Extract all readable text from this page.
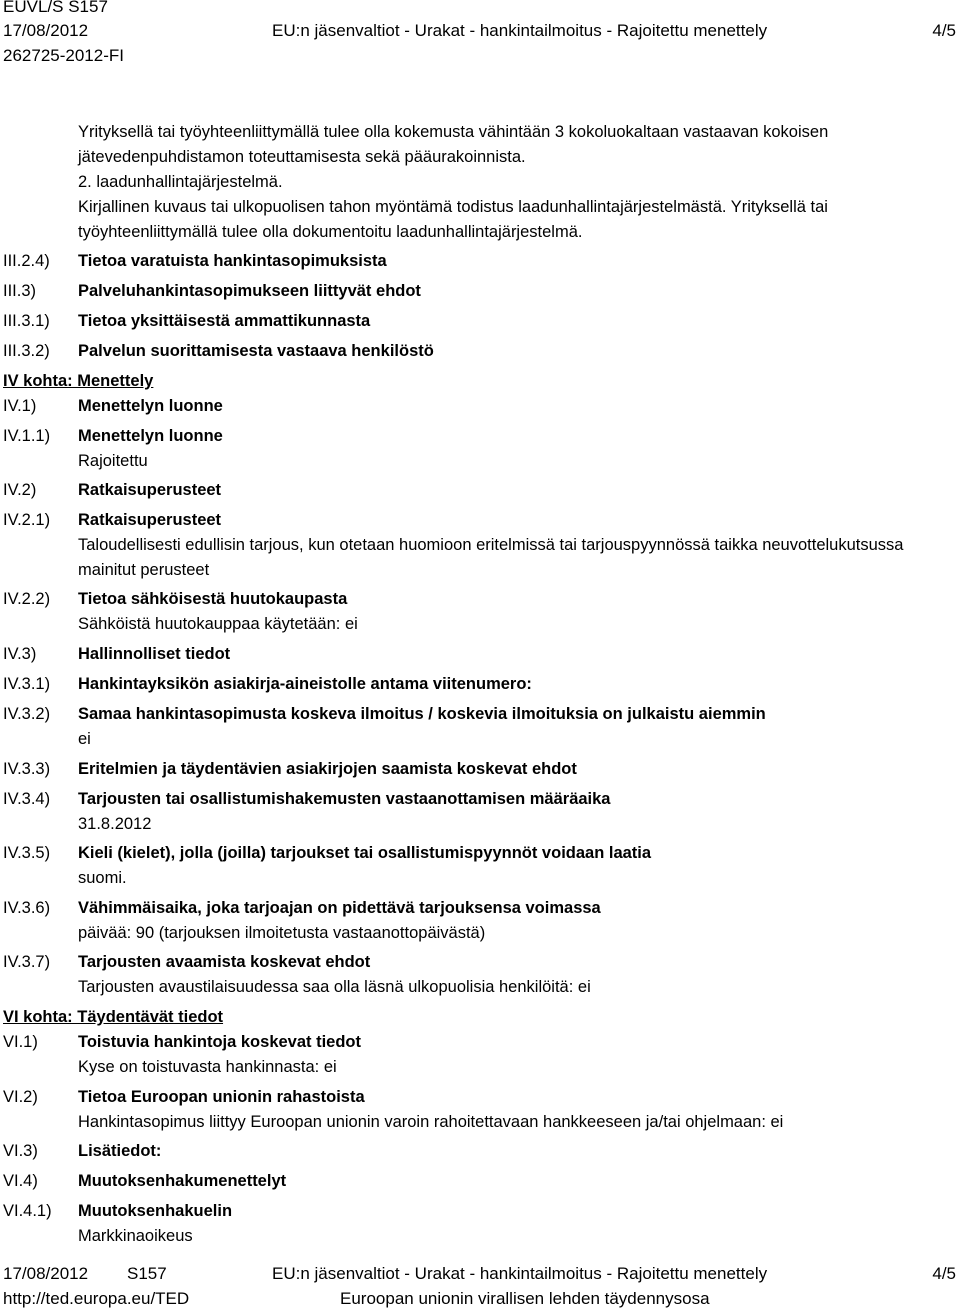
EUVL/S S157
17/08/2012
262725-2012-FI
EU:n jäsenvaltiot - Urakat - hankintailmoitus - Rajoitettu menettely	4/5
Yrityksellä tai työyhteenliittymällä tulee olla kokemusta vähintään 3 kokoluokaltaan vastaavan kokoisen jätevedenpuhdistamon toteuttamisesta sekä pääurakoinnista.
2. laadunhallintajärjestelmä.
Kirjallinen kuvaus tai ulkopuolisen tahon myöntämä todistus laadunhallintajärjestelmästä. Yrityksellä tai työyhteenliittymällä tulee olla dokumentoitu laadunhallintajärjestelmä.
III.2.4) Tietoa varatuista hankintasopimuksista
III.3)	Palveluhankintasopimukseen liittyvät ehdot
III.3.1) Tietoa yksittäisestä ammattikunnasta
III.3.2) Palvelun suorittamisesta vastaava henkilöstö
IV kohta: Menettely
IV.1)	Menettelyn luonne
IV.1.1) Menettelyn luonne
Rajoitettu
IV.2)	Ratkaisuperusteet
IV.2.1) Ratkaisuperusteet
Taloudellisesti edullisin tarjous, kun otetaan huomioon eritelmissä tai tarjouspyynnössä taikka neuvottelukutsussa mainitut perusteet
IV.2.2) Tietoa sähköisestä huutokaupasta
Sähköistä huutokauppaa käytetään: ei
IV.3)	Hallinnolliset tiedot
IV.3.1) Hankintayksikön asiakirja-aineistolle antama viitenumero:
IV.3.2) Samaa hankintasopimusta koskeva ilmoitus / koskevia ilmoituksia on julkaistu aiemmin
ei
IV.3.3) Eritelmien ja täydentävien asiakirjojen saamista koskevat ehdot
IV.3.4) Tarjousten tai osallistumishakemusten vastaanottamisen määräaika
31.8.2012
IV.3.5) Kieli (kielet), jolla (joilla) tarjoukset tai osallistumispyynnöt voidaan laatia
suomi.
IV.3.6) Vähimmäisaika, joka tarjoajan on pidettävä tarjouksensa voimassa
päivää: 90 (tarjouksen ilmoitetusta vastaanottopäivästä)
IV.3.7) Tarjousten avaamista koskevat ehdot
Tarjousten avaustilaisuudessa saa olla läsnä ulkopuolisia henkilöitä: ei
VI kohta: Täydentävät tiedot
VI.1) Toistuvia hankintoja koskevat tiedot
Kyse on toistuvasta hankinnasta: ei
VI.2) Tietoa Euroopan unionin rahastoista
Hankintasopimus liittyy Euroopan unionin varoin rahoitettavaan hankkeeseen ja/tai ohjelmaan: ei
VI.3) Lisätiedot:
VI.4) Muutoksenhakumenettelyt
VI.4.1) Muutoksenhakuelin
Markkinaoikeus
17/08/2012 S157
http://ted.europa.eu/TED
EU:n jäsenvaltiot - Urakat - hankintailmoitus - Rajoitettu menettely
Euroopan unionin virallisen lehden täydennysosa
4/5
